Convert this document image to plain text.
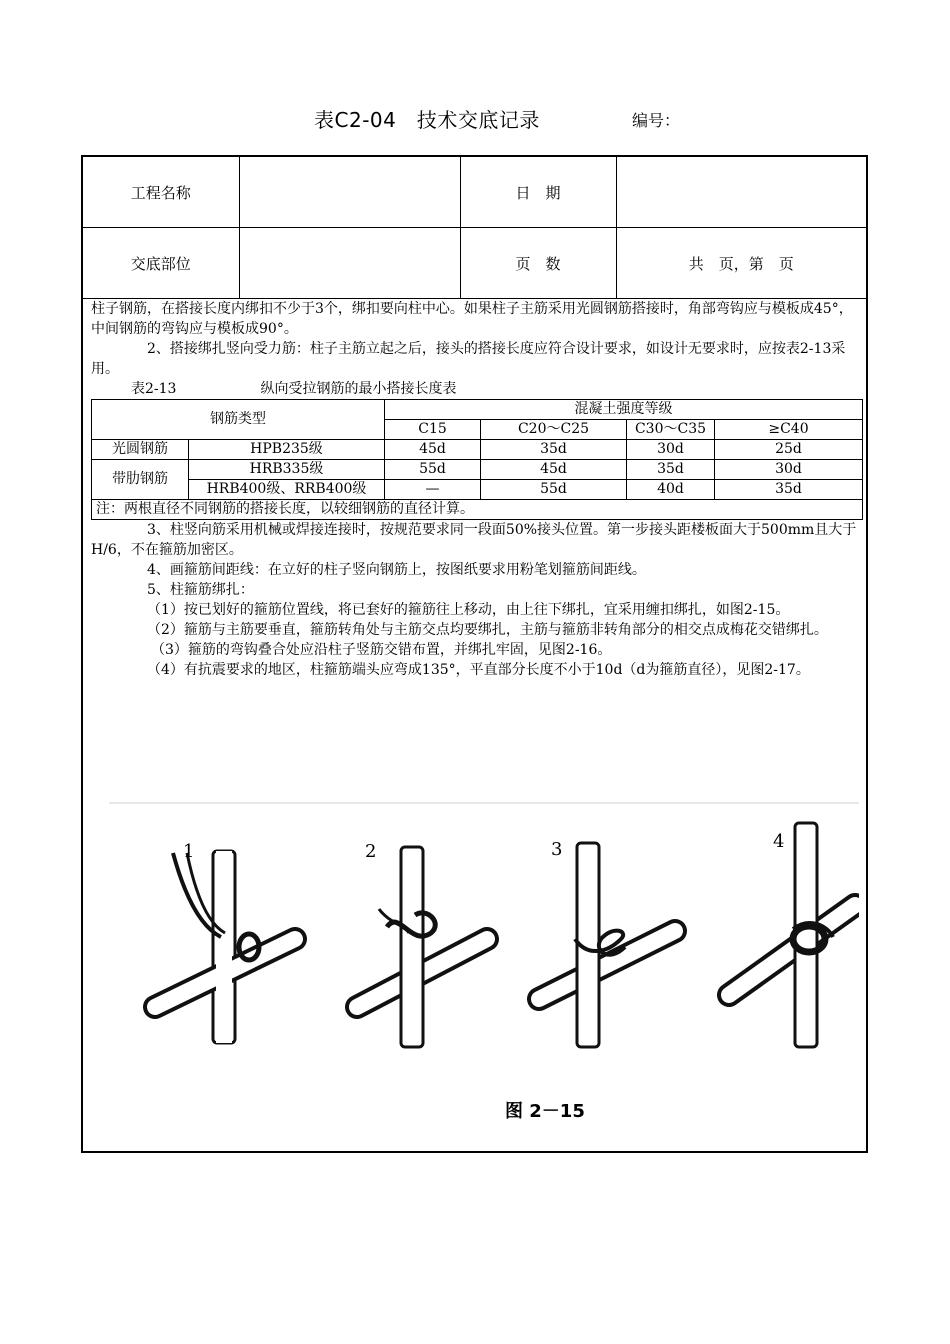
表C2-04　技术交底记录	编号：
工程名称		日　期	
交底部位		页　数	共　页，第　页

柱子钢筋，在搭接长度内绑扣不少于3个，绑扣要向柱中心。如果柱子主筋采用光圆钢筋搭接时，角部弯钩应与模板成45°，中间钢筋的弯钩应与模板成90°。

2、搭接绑扎竖向受力筋：柱子主筋立起之后，接头的搭接长度应符合设计要求，如设计无要求时，应按表2-13采用。

表2-13	纵向受拉钢筋的最小搭接长度表

钢筋类型		混凝土强度等级			
		C15	C20～C25	C30～C35	≥C40
光圆钢筋	HPB235级	45d	35d	30d	25d
带肋钢筋	HRB335级	55d	45d	35d	30d
	HRB400级、RRB400级	—	55d	40d	35d
注：两根直径不同钢筋的搭接长度，以较细钢筋的直径计算。					

3、柱竖向筋采用机械或焊接连接时，按规范要求同一段面50%接头位置。第一步接头距楼板面大于500mm且大于H/6，不在箍筋加密区。

4、画箍筋间距线：在立好的柱子竖向钢筋上，按图纸要求用粉笔划箍筋间距线。

5、柱箍筋绑扎：

（1）按已划好的箍筋位置线，将已套好的箍筋往上移动，由上往下绑扎，宜采用缠扣绑扎，如图2-15。

（2）箍筋与主筋要垂直，箍筋转角处与主筋交点均要绑扎，主筋与箍筋非转角部分的相交点成梅花交错绑扎。

（3）箍筋的弯钩叠合处应沿柱子竖筋交错布置，并绑扎牢固，见图2-16。

（4）有抗震要求的地区，柱箍筋端头应弯成135°，平直部分长度不小于10d（d为箍筋直径），见图2-17。

1	2	3	4
图 2－15
